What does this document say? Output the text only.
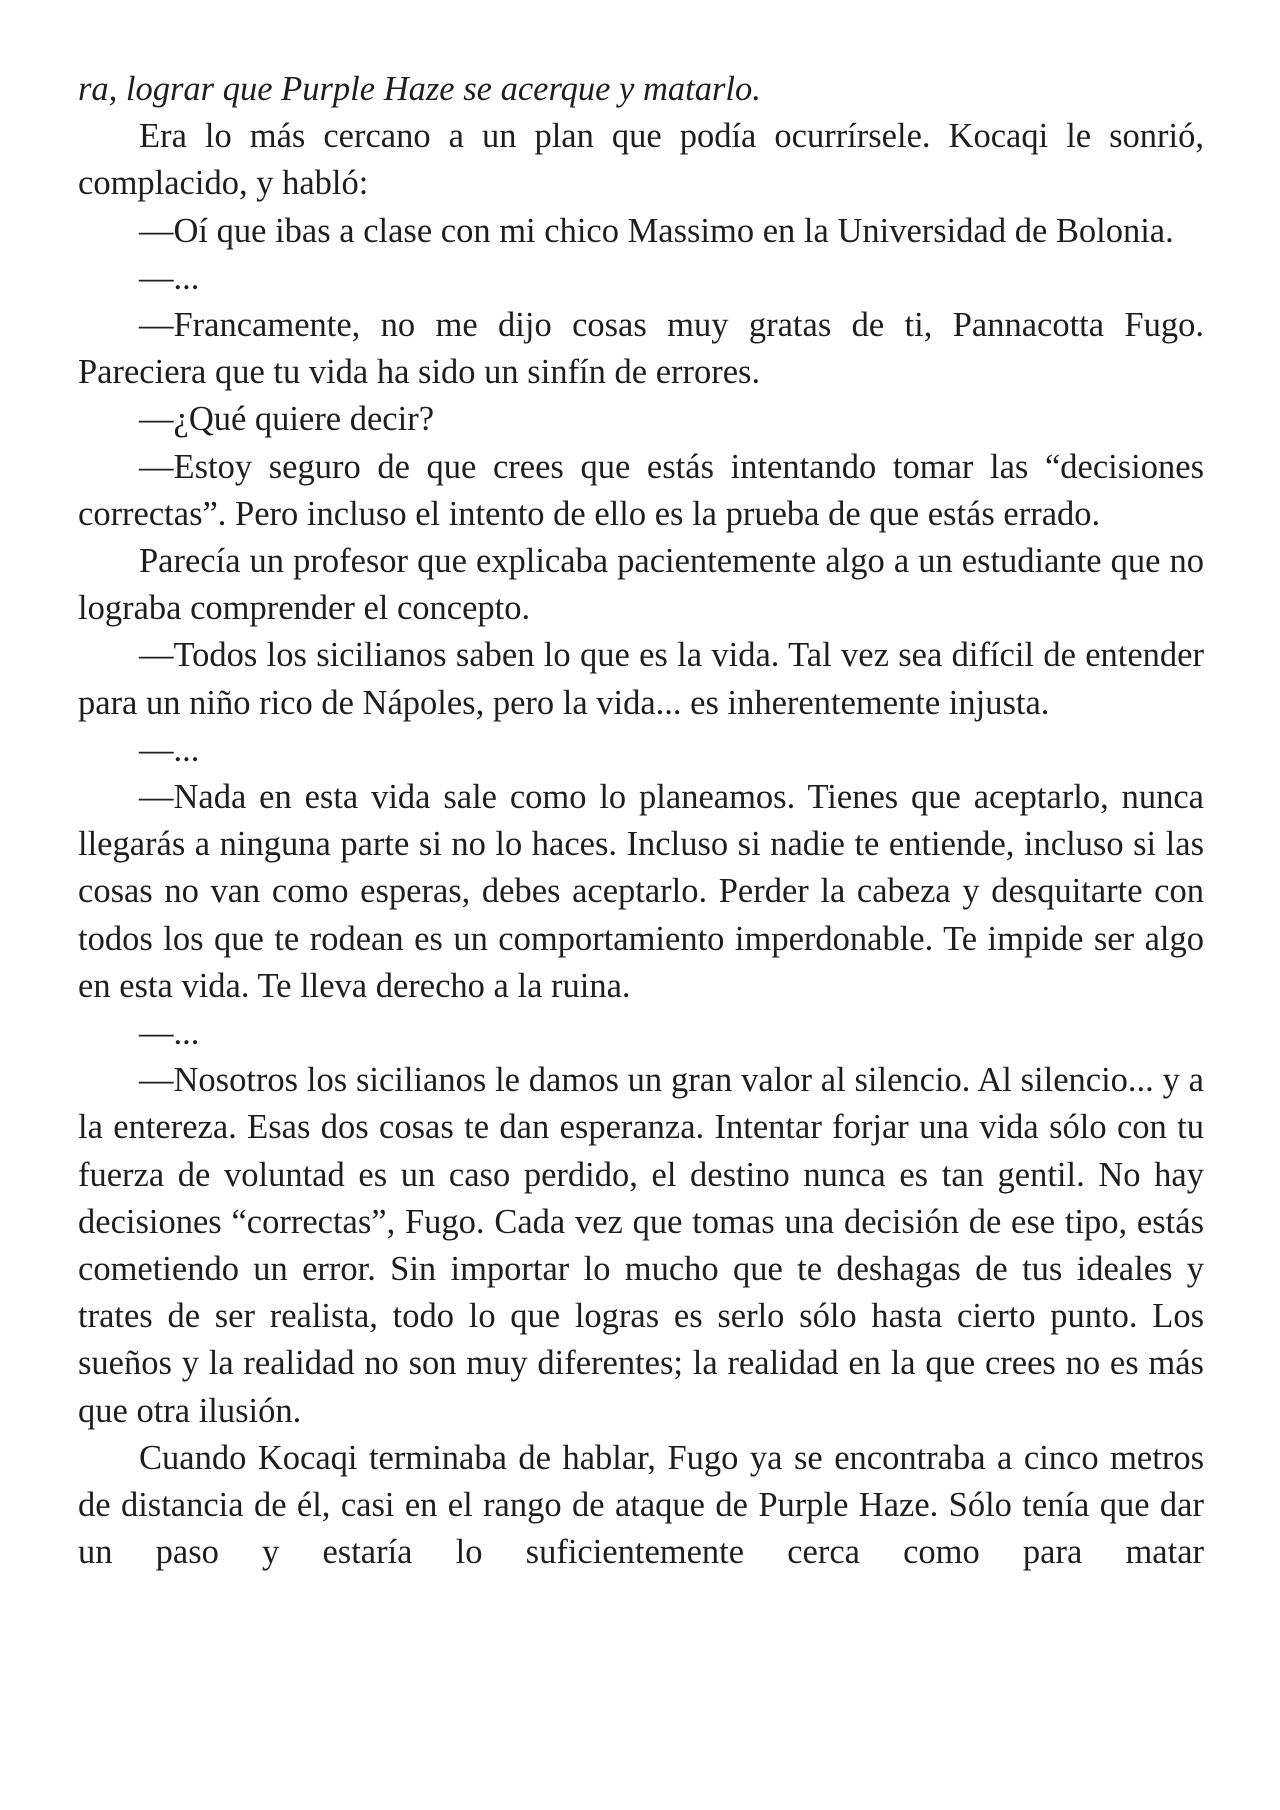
ra, lograr que Purple Haze se acerque y matarlo.

Era lo más cercano a un plan que podía ocurrírsele. Kocaqi le sonrió, complacido, y habló:

—Oí que ibas a clase con mi chico Massimo en la Universidad de Bolonia.

—...

—Francamente, no me dijo cosas muy gratas de ti, Pannacotta Fugo. Pareciera que tu vida ha sido un sinfín de errores.

—¿Qué quiere decir?

—Estoy seguro de que crees que estás intentando tomar las “decisiones correctas”. Pero incluso el intento de ello es la prueba de que estás errado.

Parecía un profesor que explicaba pacientemente algo a un estudiante que no lograba comprender el concepto.

—Todos los sicilianos saben lo que es la vida. Tal vez sea difícil de entender para un niño rico de Nápoles, pero la vida... es inherentemente injusta.

—...

—Nada en esta vida sale como lo planeamos. Tienes que aceptarlo, nunca llegarás a ninguna parte si no lo haces. Incluso si nadie te entiende, incluso si las cosas no van como esperas, debes aceptarlo. Perder la cabeza y desquitarte con todos los que te rodean es un comportamiento imperdonable. Te impide ser algo en esta vida. Te lleva derecho a la ruina.

—...

—Nosotros los sicilianos le damos un gran valor al silencio. Al silencio... y a la entereza. Esas dos cosas te dan esperanza. Intentar forjar una vida sólo con tu fuerza de voluntad es un caso perdido, el destino nunca es tan gentil. No hay decisiones “correctas”, Fugo. Cada vez que tomas una decisión de ese tipo, estás cometiendo un error. Sin importar lo mucho que te deshagas de tus ideales y trates de ser realista, todo lo que logras es serlo sólo hasta cierto punto. Los sueños y la realidad no son muy diferentes; la realidad en la que crees no es más que otra ilusión.

Cuando Kocaqi terminaba de hablar, Fugo ya se encontraba a cinco metros de distancia de él, casi en el rango de ataque de Purple Haze. Sólo tenía que dar un paso y estaría lo suficientemente cerca como para matar
